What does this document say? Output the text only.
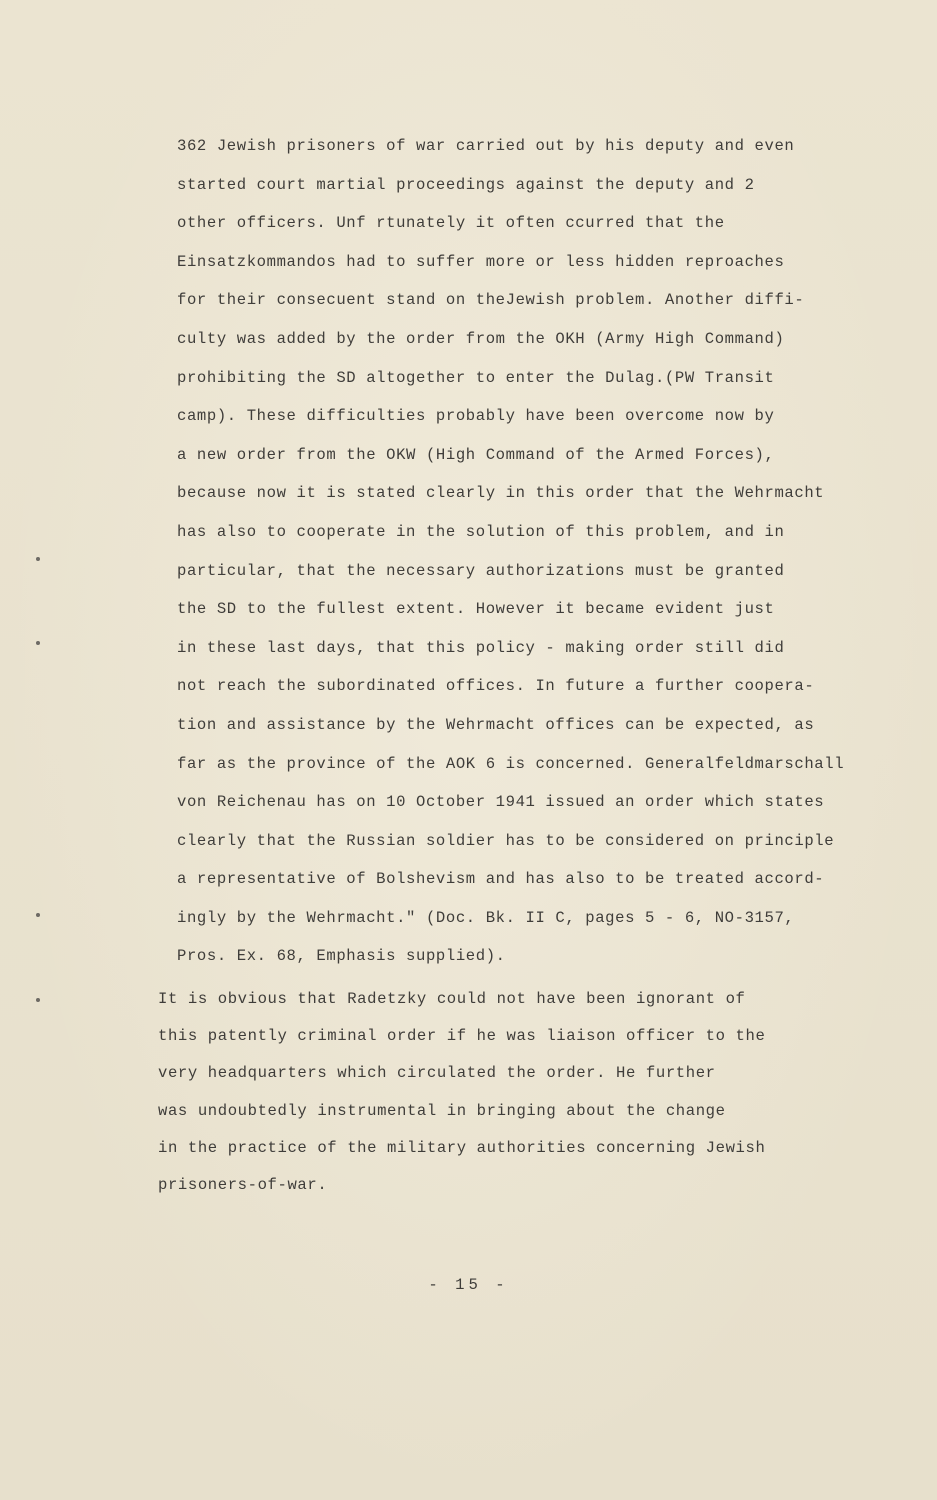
362 Jewish prisoners of war carried out by his deputy and even
started court martial proceedings against the deputy and 2
other officers. Unf rtunately it often ccurred that the
Einsatzkommandos had to suffer more or less hidden reproaches
for their consecuent stand on theJewish problem. Another diffi-
culty was added by the order from the OKH (Army High Command)
prohibiting the SD altogether to enter the Dulag.(PW Transit
camp). These difficulties probably have been overcome now by
a new order from the OKW (High Command of the Armed Forces),
because now it is stated clearly in this order that the Wehrmacht
has also to cooperate in the solution of this problem, and in
particular, that the necessary authorizations must be granted
the SD to the fullest extent. However it became evident just
in these last days, that this policy - making order still did
not reach the subordinated offices. In future a further coopera-
tion and assistance by the Wehrmacht offices can be expected, as
far as the province of the AOK 6 is concerned. Generalfeldmarschall
von Reichenau has on 10 October 1941 issued an order which states
clearly that the Russian soldier has to be considered on principle
a representative of Bolshevism and has also to be treated accord-
ingly by the Wehrmacht." (Doc. Bk. II C, pages 5 - 6, NO-3157,
Pros. Ex. 68, Emphasis supplied).
It is obvious that Radetzky could not have been ignorant of
this patently criminal order if he was liaison officer to the
very headquarters which circulated the order. He further
was undoubtedly instrumental in bringing about the change
in the practice of the military authorities concerning Jewish
prisoners-of-war.
- 15 -
